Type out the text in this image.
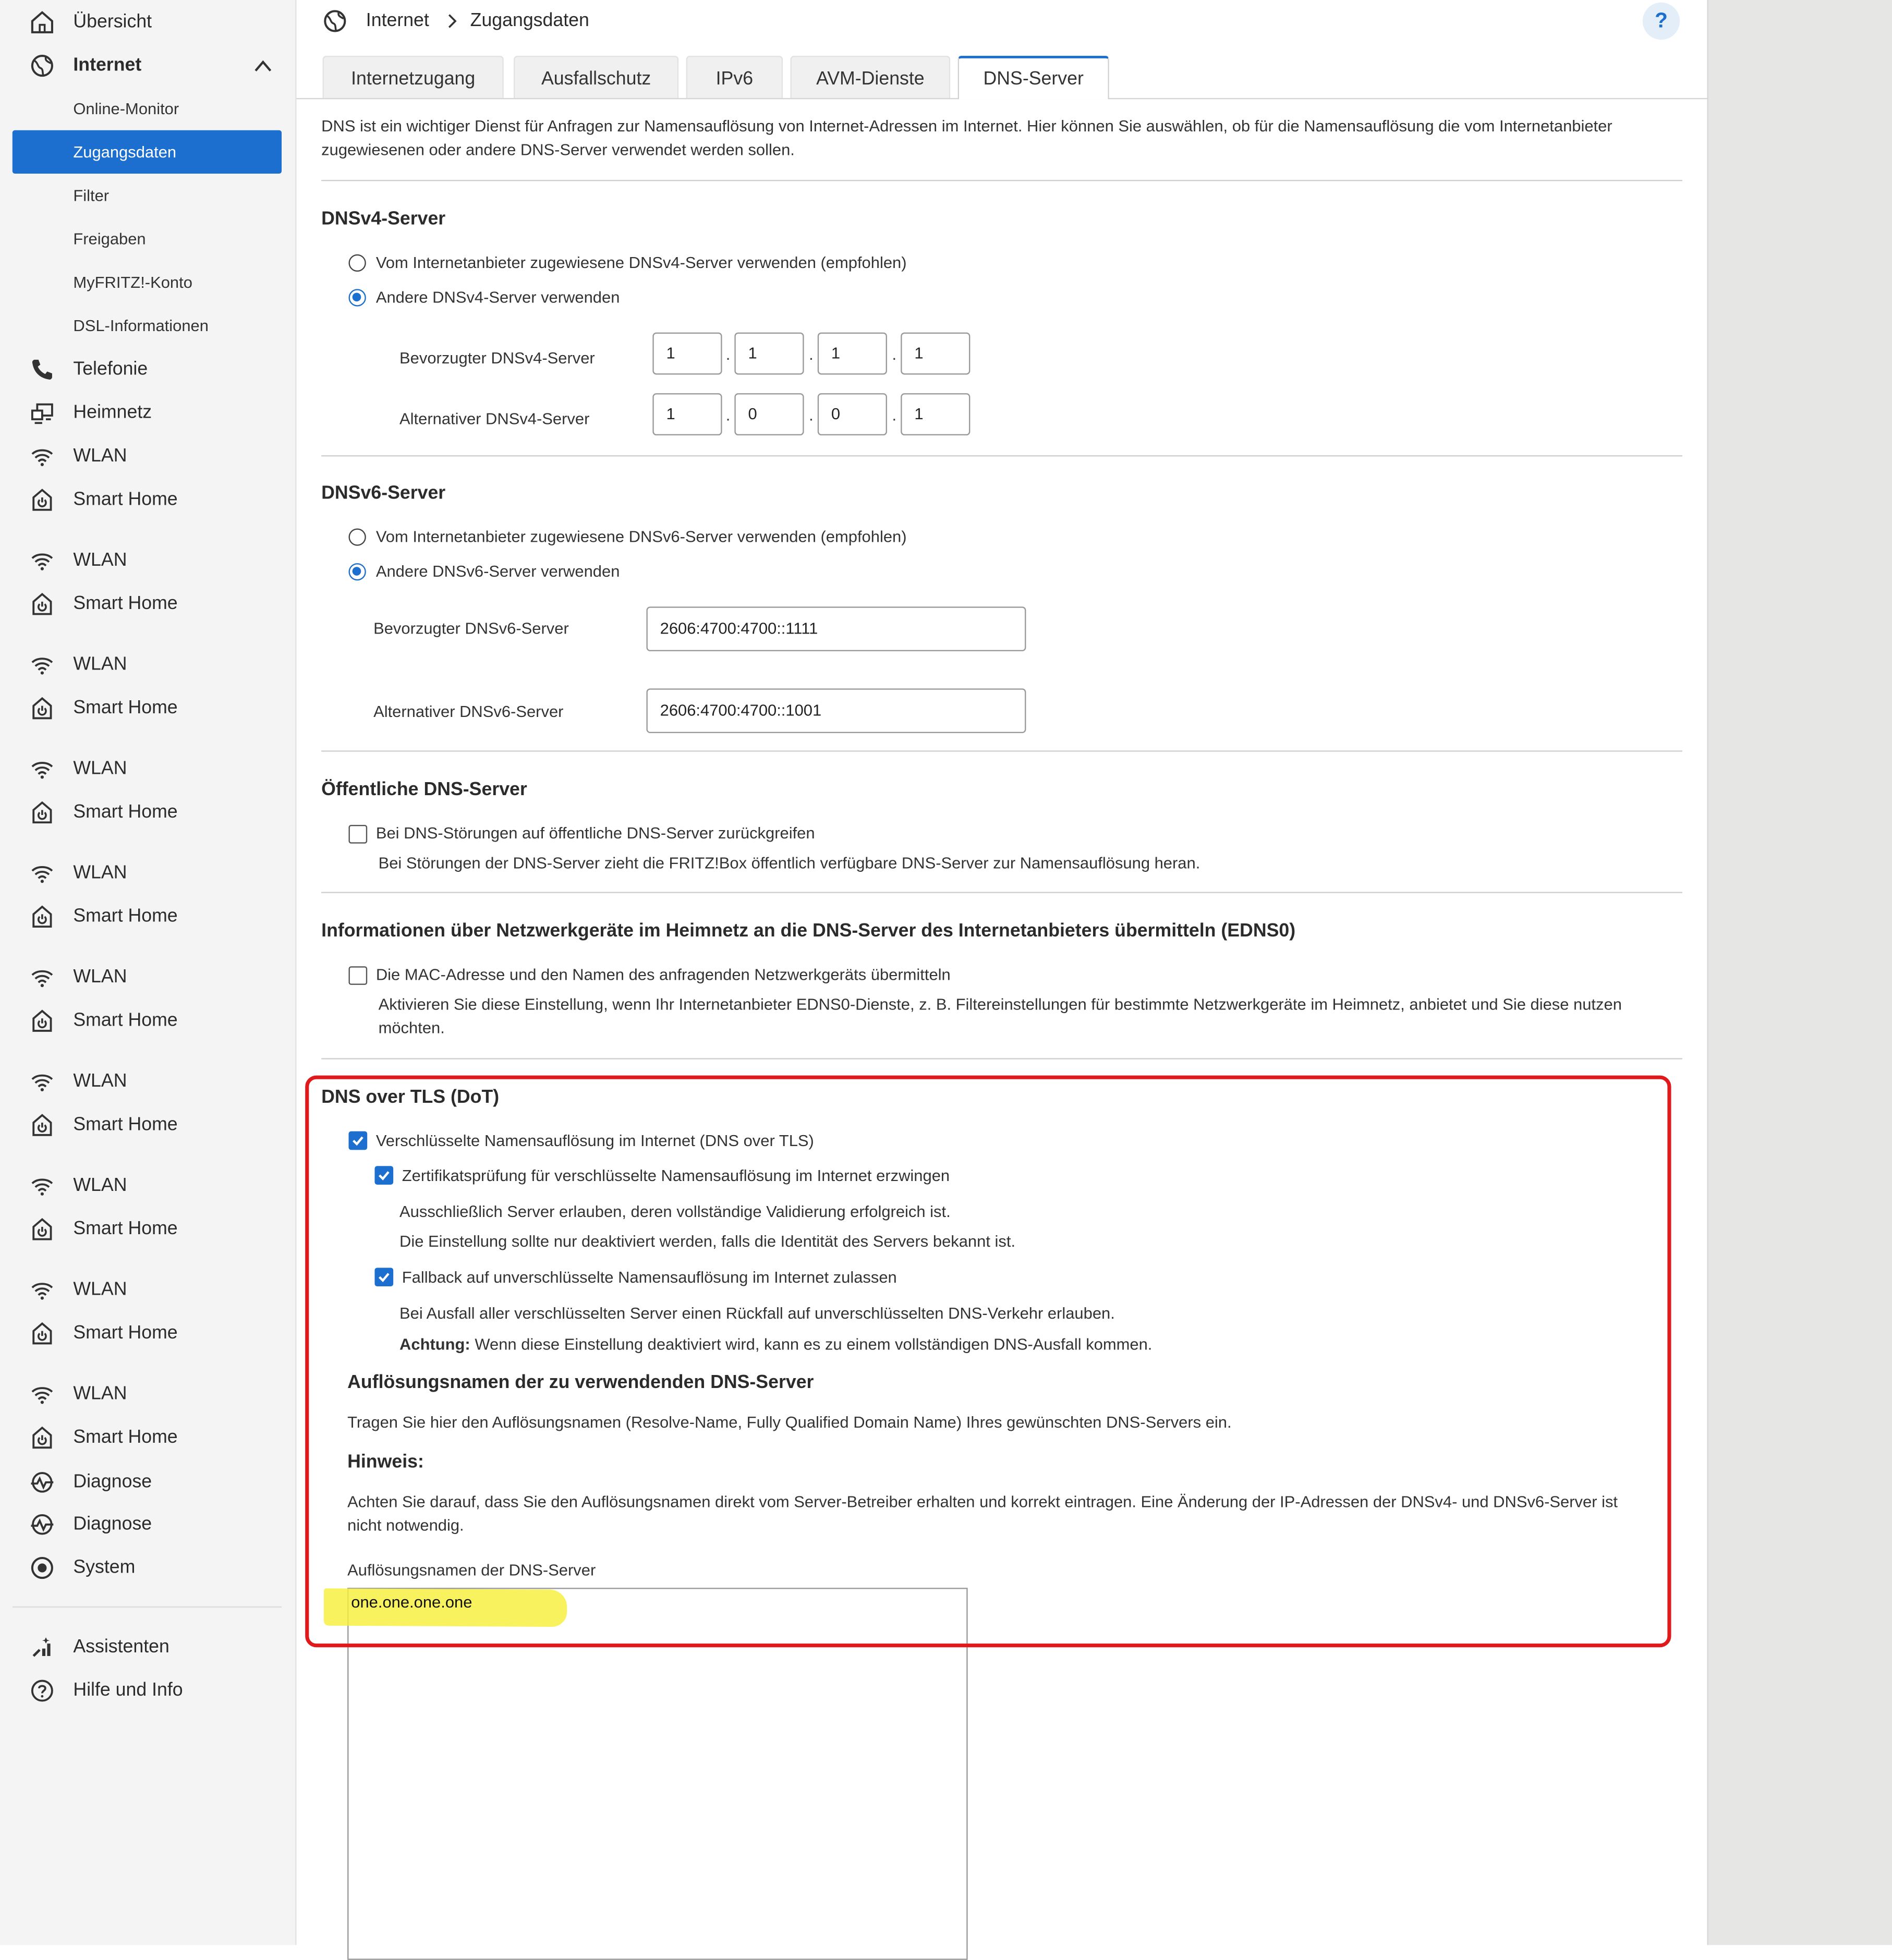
Übersicht
Internet
Online-Monitor
Zugangsdaten
Filter
Freigaben
MyFRITZ!-Konto
DSL-Informationen
Telefonie
Heimnetz
Diagnose
Diagnose
System
Assistenten
Hilfe und Info
WLAN
Smart Home
WLAN
Smart Home
WLAN
Smart Home
WLAN
Smart Home
WLAN
Smart Home
WLAN
Smart Home
WLAN
Smart Home
WLAN
Smart Home
WLAN
Smart Home
WLAN
Smart Home
Internet	Zugangsdaten	?
Internetzugang	Ausfallschutz	IPv6	AVM-Dienste	DNS-Server
DNS ist ein wichtiger Dienst für Anfragen zur Namensauflösung von Internet-Adressen im Internet. Hier können Sie auswählen, ob für die Namensauflösung die vom Internetanbieter zugewiesenen oder andere DNS-Server verwendet werden sollen.
DNSv4-Server
Vom Internetanbieter zugewiesene DNSv4-Server verwenden (empfohlen)
Andere DNSv4-Server verwenden
Bevorzugter DNSv4-Server	1	.	1	.	1	.	1
Alternativer DNSv4-Server	1	.	0	.	0	.	1
DNSv6-Server
Vom Internetanbieter zugewiesene DNSv6-Server verwenden (empfohlen)
Andere DNSv6-Server verwenden
Bevorzugter DNSv6-Server	2606:4700:4700::1111
Alternativer DNSv6-Server	2606:4700:4700::1001
Öffentliche DNS-Server
Bei DNS-Störungen auf öffentliche DNS-Server zurückgreifen
Bei Störungen der DNS-Server zieht die FRITZ!Box öffentlich verfügbare DNS-Server zur Namensauflösung heran.
Informationen über Netzwerkgeräte im Heimnetz an die DNS-Server des Internetanbieters übermitteln (EDNS0)
Die MAC-Adresse und den Namen des anfragenden Netzwerkgeräts übermitteln
Aktivieren Sie diese Einstellung, wenn Ihr Internetanbieter EDNS0-Dienste, z. B. Filtereinstellungen für bestimmte Netzwerkgeräte im Heimnetz, anbietet und Sie diese nutzen
möchten.
DNS over TLS (DoT)
Verschlüsselte Namensauflösung im Internet (DNS over TLS)
Zertifikatsprüfung für verschlüsselte Namensauflösung im Internet erzwingen
Ausschließlich Server erlauben, deren vollständige Validierung erfolgreich ist.
Die Einstellung sollte nur deaktiviert werden, falls die Identität des Servers bekannt ist.
Fallback auf unverschlüsselte Namensauflösung im Internet zulassen
Bei Ausfall aller verschlüsselten Server einen Rückfall auf unverschlüsselten DNS-Verkehr erlauben.
Achtung: Wenn diese Einstellung deaktiviert wird, kann es zu einem vollständigen DNS-Ausfall kommen.
Auflösungsnamen der zu verwendenden DNS-Server
Tragen Sie hier den Auflösungsnamen (Resolve-Name, Fully Qualified Domain Name) Ihres gewünschten DNS-Servers ein.
Hinweis:
Achten Sie darauf, dass Sie den Auflösungsnamen direkt vom Server-Betreiber erhalten und korrekt eintragen. Eine Änderung der IP-Adressen der DNSv4- und DNSv6-Server ist
nicht notwendig.
Auflösungsnamen der DNS-Server
one.one.one.one
